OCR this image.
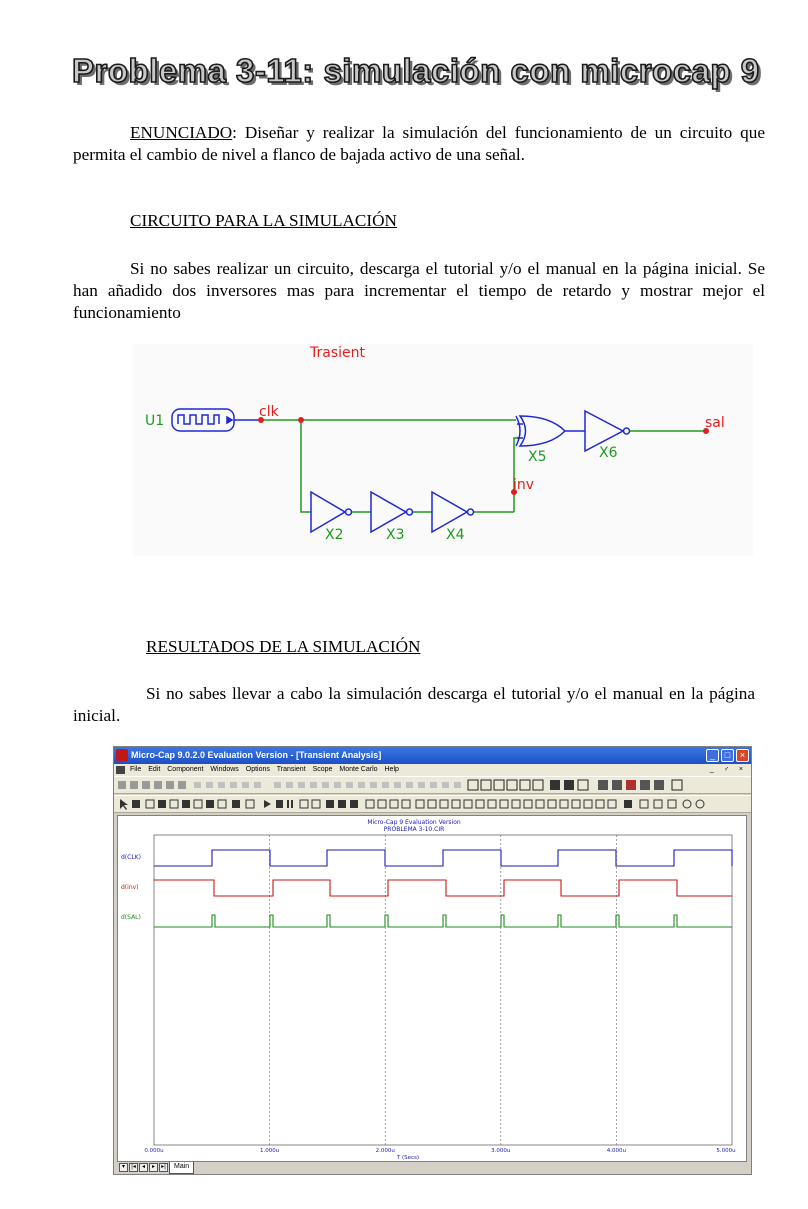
Problema 3-11: simulación con microcap 9
ENUNCIADO: Diseñar y realizar la simulación del funcionamiento de un circuito que permita el cambio de nivel a flanco de bajada activo de una señal.
CIRCUITO PARA LA SIMULACIÓN
Si no sabes realizar un circuito, descarga el tutorial y/o el manual en la página inicial. Se han añadido dos inversores mas para incrementar el tiempo de retardo y mostrar mejor el funcionamiento
U1
clk
inv
sal
Trasient
X5	X6
X2	X3	X4
RESULTADOS DE LA SIMULACIÓN
Si no sabes llevar a cabo la simulación descarga el tutorial y/o el manual en la página inicial.
Micro-Cap 9.0.2.0 Evaluation Version - [Transient Analysis]	_	□	×
File Edit Component Windows Options Transient Scope Monte Carlo Help	_ ♂ ×
Micro-Cap 9 Evaluation Version
PROBLEMA 3-10.CIR
d(CLK)
d(inv)
d(SAL)
0.000u	1.000u	2.000u	3.000u	4.000u	5.000u
T (Secs)
▾	|◂	◂	▸	▸|	Main
